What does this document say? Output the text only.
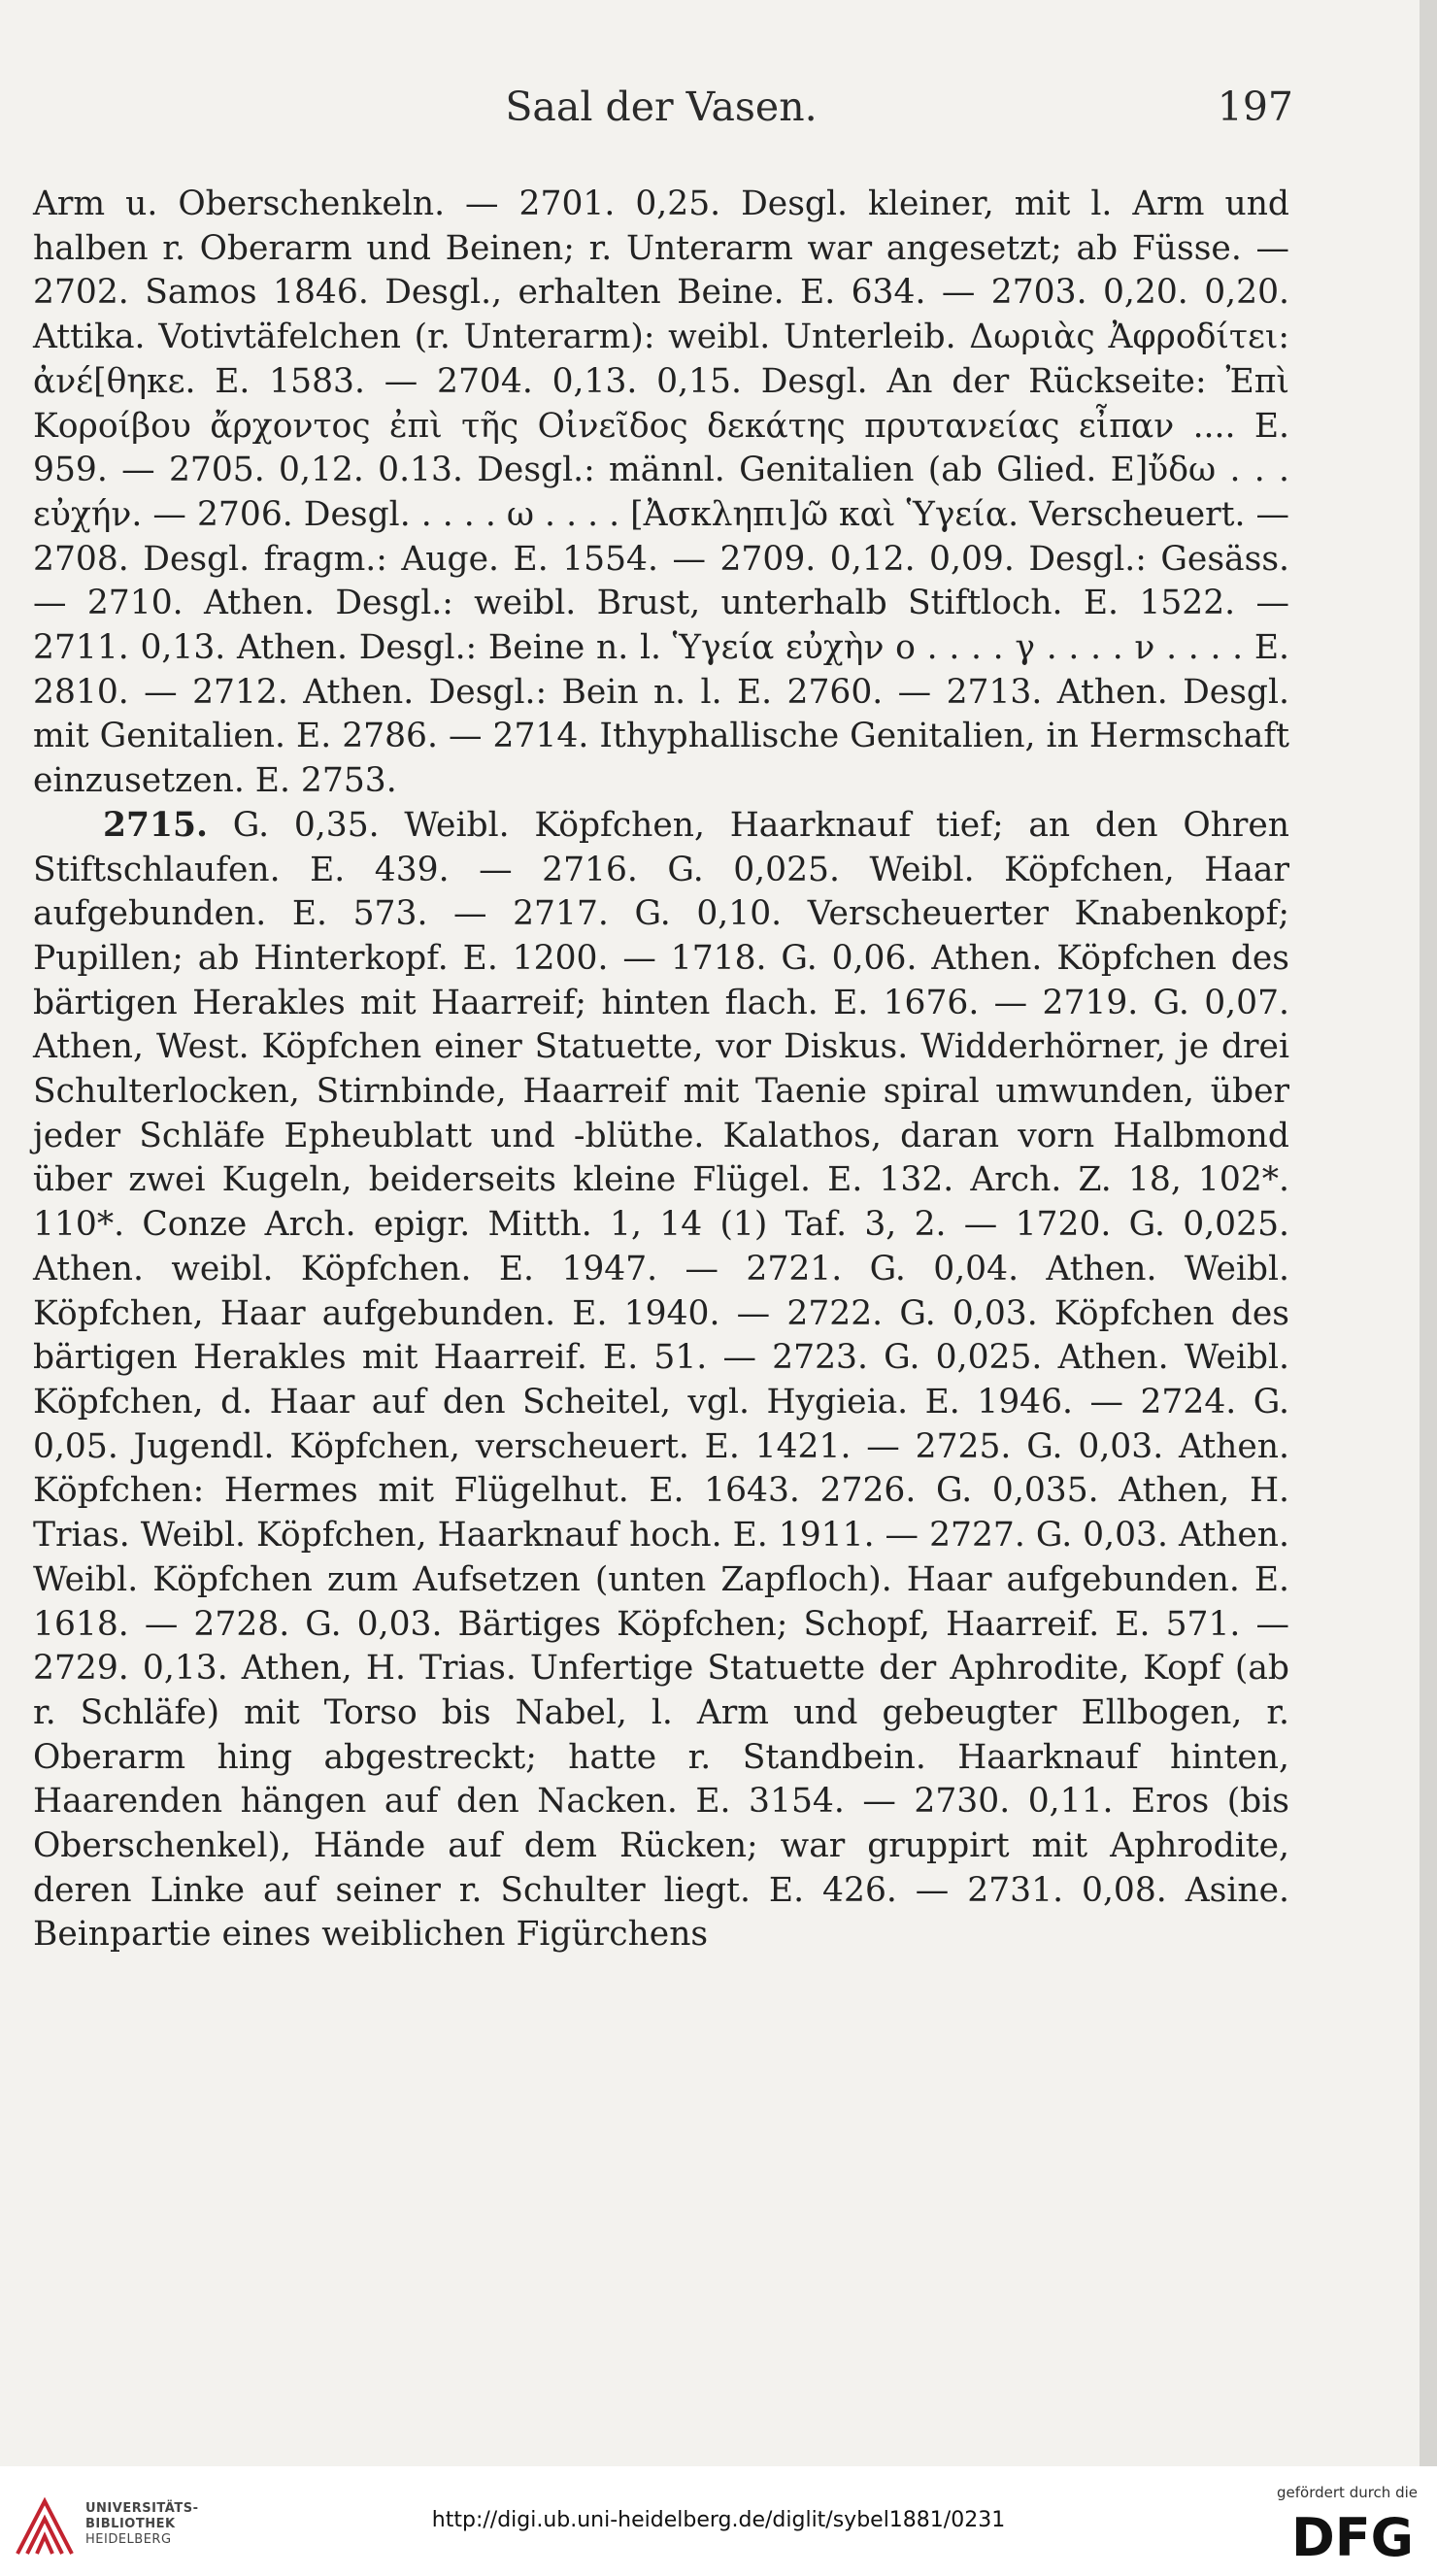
Saal der Vasen.	197

Arm u. Oberschenkeln. — 2701. 0,25. Desgl. kleiner, mit l. Arm und halben r. Oberarm und Beinen; r. Unterarm war angesetzt; ab Füsse. — 2702. Samos 1846. Desgl., erhalten Beine. E. 634. — 2703. 0,20. 0,20. Attika. Votivtäfelchen (r. Unterarm): weibl. Unterleib. Δωριὰς Ἀφροδίτει: ἀνέ[θηκε. E. 1583. — 2704. 0,13. 0,15. Desgl. An der Rückseite: Ἐπὶ Κοροίβου ἄρχοντος ἐπὶ τῆς Οἰνεῖδος δεκάτης πρυτανείας εἶπαν .... E. 959. — 2705. 0,12. 0.13. Desgl.: männl. Genitalien (ab Glied. Ε]ὔδω . . . εὐχήν. — 2706. Desgl. . . . . ω . . . . [Ἀσκληπι]ῶ καὶ Ὑγεία. Verscheuert. — 2708. Desgl. fragm.: Auge. E. 1554. — 2709. 0,12. 0,09. Desgl.: Gesäss. — 2710. Athen. Desgl.: weibl. Brust, unterhalb Stiftloch. E. 1522. — 2711. 0,13. Athen. Desgl.: Beine n. l. Ὑγεία εὐχὴν ο . . . . γ . . . . ν . . . . E. 2810. — 2712. Athen. Desgl.: Bein n. l. E. 2760. — 2713. Athen. Desgl. mit Genitalien. E. 2786. — 2714. Ithyphallische Genitalien, in Hermschaft einzusetzen. E. 2753.

2715. G. 0,35. Weibl. Köpfchen, Haarknauf tief; an den Ohren Stiftschlaufen. E. 439. — 2716. G. 0,025. Weibl. Köpfchen, Haar aufgebunden. E. 573. — 2717. G. 0,10. Verscheuerter Knabenkopf; Pupillen; ab Hinterkopf. E. 1200. — 1718. G. 0,06. Athen. Köpfchen des bärtigen Herakles mit Haarreif; hinten flach. E. 1676. — 2719. G. 0,07. Athen, West. Köpfchen einer Statuette, vor Diskus. Widderhörner, je drei Schulterlocken, Stirnbinde, Haarreif mit Taenie spiral umwunden, über jeder Schläfe Epheublatt und -blüthe. Kalathos, daran vorn Halbmond über zwei Kugeln, beiderseits kleine Flügel. E. 132. Arch. Z. 18, 102*. 110*. Conze Arch. epigr. Mitth. 1, 14 (1) Taf. 3, 2. — 1720. G. 0,025. Athen. weibl. Köpfchen. E. 1947. — 2721. G. 0,04. Athen. Weibl. Köpfchen, Haar aufgebunden. E. 1940. — 2722. G. 0,03. Köpfchen des bärtigen Herakles mit Haarreif. E. 51. — 2723. G. 0,025. Athen. Weibl. Köpfchen, d. Haar auf den Scheitel, vgl. Hygieia. E. 1946. — 2724. G. 0,05. Jugendl. Köpfchen, verscheuert. E. 1421. — 2725. G. 0,03. Athen. Köpfchen: Hermes mit Flügelhut. E. 1643. 2726. G. 0,035. Athen, H. Trias. Weibl. Köpfchen, Haarknauf hoch. E. 1911. — 2727. G. 0,03. Athen. Weibl. Köpfchen zum Aufsetzen (unten Zapfloch). Haar aufgebunden. E. 1618. — 2728. G. 0,03. Bärtiges Köpfchen; Schopf, Haarreif. E. 571. — 2729. 0,13. Athen, H. Trias. Unfertige Statuette der Aphrodite, Kopf (ab r. Schläfe) mit Torso bis Nabel, l. Arm und gebeugter Ellbogen, r. Oberarm hing abgestreckt; hatte r. Standbein. Haarknauf hinten, Haarenden hängen auf den Nacken. E. 3154. — 2730. 0,11. Eros (bis Oberschenkel), Hände auf dem Rücken; war gruppirt mit Aphrodite, deren Linke auf seiner r. Schulter liegt. E. 426. — 2731. 0,08. Asine. Beinpartie eines weiblichen Figürchens

UNIVERSITÄTS-
BIBLIOTHEK
HEIDELBERG
http://digi.ub.uni-heidelberg.de/diglit/sybel1881/0231
gefördert durch die
DFG
